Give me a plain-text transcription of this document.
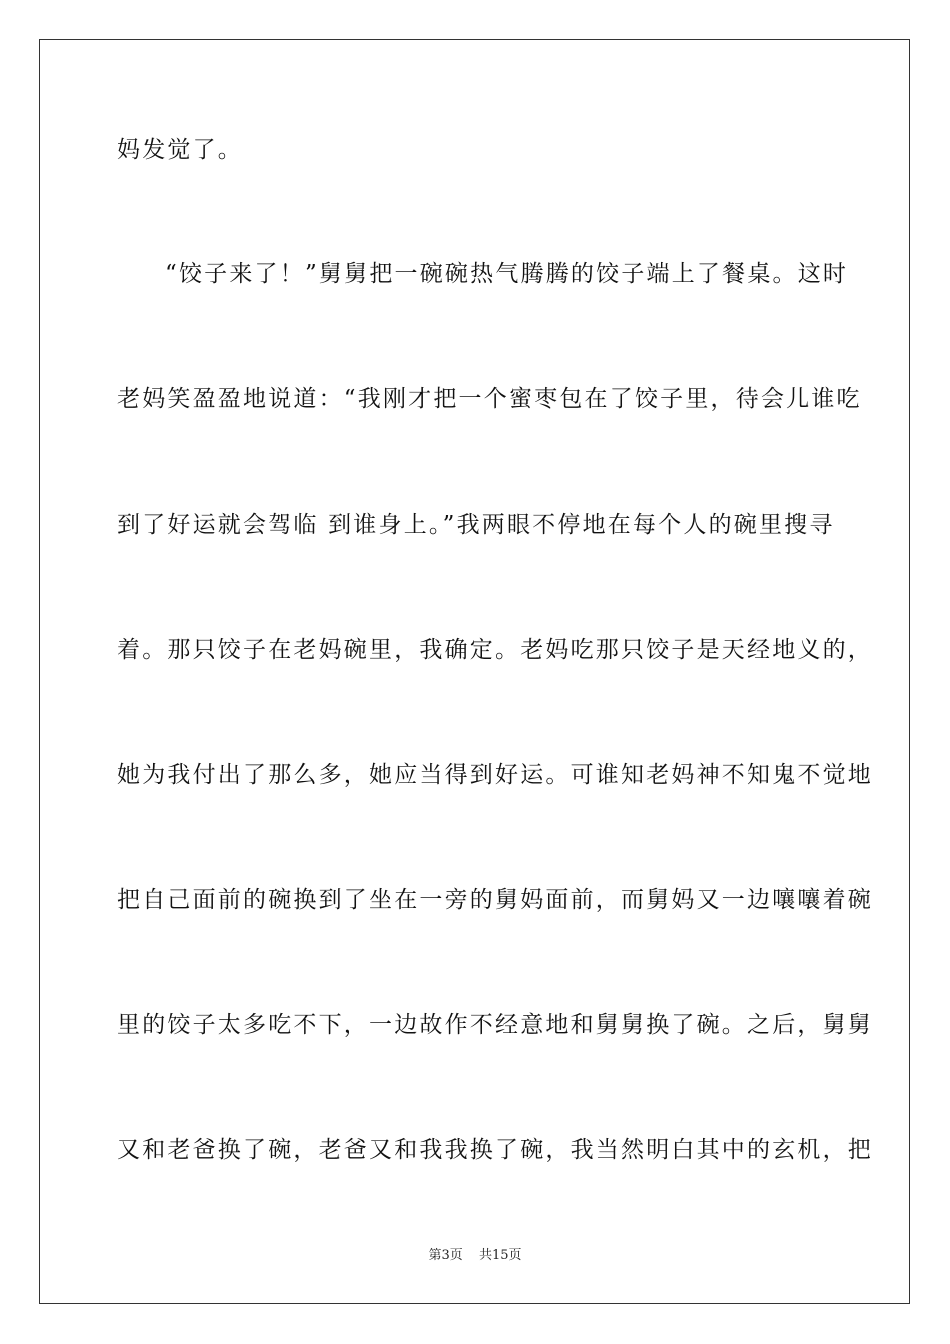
妈发觉了。
“饺子来了！”舅舅把一碗碗热气腾腾的饺子端上了餐桌。这时
老妈笑盈盈地说道：“我刚才把一个蜜枣包在了饺子里，待会儿谁吃
到了好运就会驾临 到谁身上。”我两眼不停地在每个人的碗里搜寻
着。那只饺子在老妈碗里，我确定。老妈吃那只饺子是天经地义的，
她为我付出了那么多，她应当得到好运。可谁知老妈神不知鬼不觉地
把自己面前的碗换到了坐在一旁的舅妈面前，而舅妈又一边嚷嚷着碗
里的饺子太多吃不下，一边故作不经意地和舅舅换了碗。之后，舅舅
又和老爸换了碗，老爸又和我我换了碗，我当然明白其中的玄机，把
第3页 共15页
